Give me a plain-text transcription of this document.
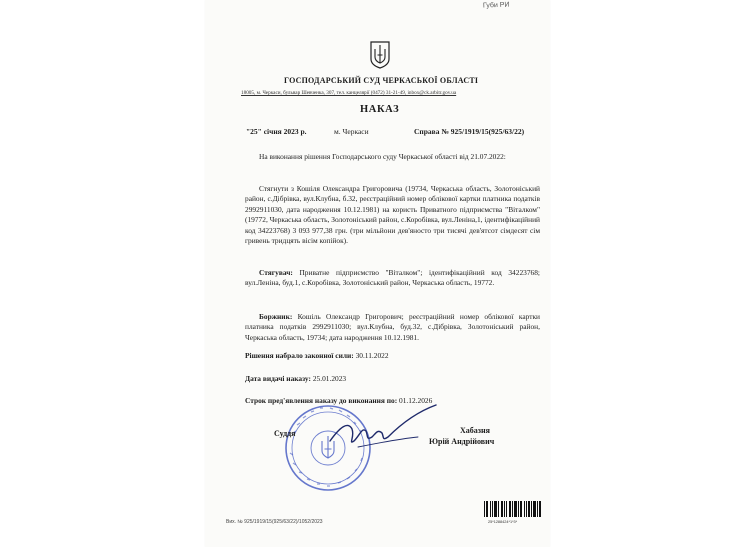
Губи РИ
ГОСПОДАРСЬКИЙ СУД ЧЕРКАСЬКОЇ ОБЛАСТІ
18005, м. Черкаси, бульвар Шевченка, 307, тел. канцелярії (0472) 31-21-49, inbox@ck.arbitr.gov.ua
НАКАЗ
"25" січня 2023 р.	м. Черкаси	Справа № 925/1919/15(925/63/22)
На виконання рішення Господарського суду Черкаської області від 21.07.2022:
Стягнути з Кошіля Олександра Григоровича (19734, Черкаська область, Золотоніський район, с.Дібрівка, вул.Клубна, б.32, реєстраційний номер облікової картки платника податків 2992911030, дата народження 10.12.1981) на користь Приватного підприємства "Віталком" (19772, Черкаська область, Золотоніський район, с.Коробівка, вул.Леніна,1, ідентифікаційний код 34223768) 3 093 977,38 грн. (три мільйони дев'яносто три тисячі дев'ятсот сімдесят сім гривень тридцять вісім копійок).
Стягувач: Приватне підприємство "Віталком"; ідентифікаційний код 34223768; вул.Леніна, буд.1, с.Коробівка, Золотоніський район, Черкаська область, 19772.
Боржник: Кошіль Олександр Григорович; реєстраційний номер облікової картки платника податків 2992911030; вул.Клубна, буд.32, с.Дібрівка, Золотоніський район, Черкаська область, 19734; дата народження 10.12.1981.
Рішення набрало законної сили: 30.11.2022
Дата видачі наказу: 25.01.2023
Строк пред'явлення наказу до виконання по: 01.12.2026
Суддя	Хабазня
Юрій Андрійович
Вих. № 925/1919/15(925/63/22)/1052/2023	25*1288424*1*3*
